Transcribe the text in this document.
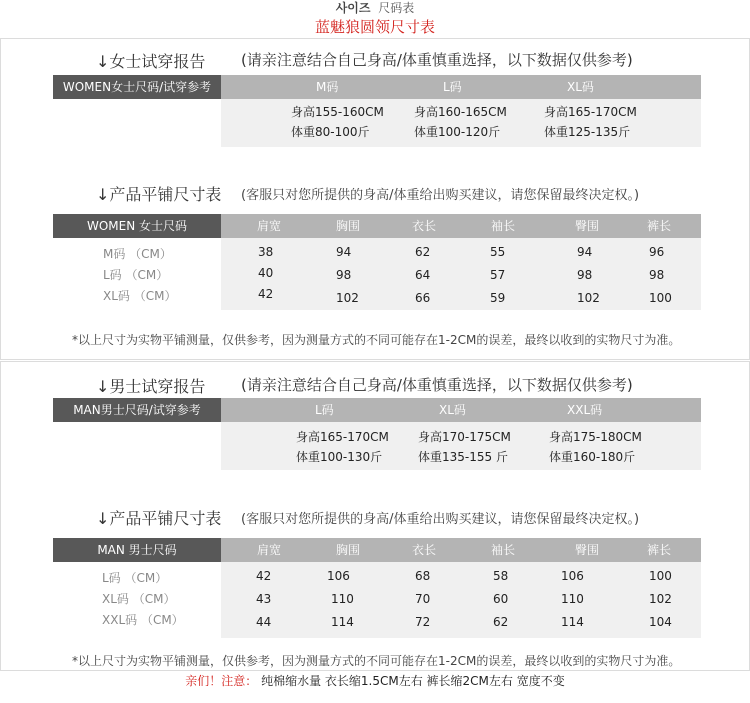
사이즈 尺码表
蓝魅狼圆领尺寸表
↓女士试穿报告 (请亲注意结合自己身高/体重慎重选择，以下数据仅供参考)
WOMEN女士尺码/试穿参考	M码	L码	XL码
身高155-160CM
体重80-100斤
身高160-165CM
体重100-120斤
身高165-170CM
体重125-135斤
↓产品平铺尺寸表 (客服只对您所提供的身高/体重给出购买建议，请您保留最终决定权。)
WOMEN 女士尺码	肩宽	胸围	衣长	袖长	臀围	裤长
M码 （CM）	38	94	62	55	94	96
L码 （CM）	40	98	64	57	98	98
XL码 （CM）	42	102	66	59	102	100
*以上尺寸为实物平铺测量，仅供参考，因为测量方式的不同可能存在1-2CM的误差，最终以收到的实物尺寸为准。
↓男士试穿报告 (请亲注意结合自己身高/体重慎重选择，以下数据仅供参考)
MAN男士尺码/试穿参考	L码	XL码	XXL码
身高165-170CM
体重100-130斤
身高170-175CM
体重135-155 斤
身高175-180CM
体重160-180斤
↓产品平铺尺寸表 (客服只对您所提供的身高/体重给出购买建议，请您保留最终决定权。)
MAN 男士尺码	肩宽	胸围	衣长	袖长	臀围	裤长
L码 （CM）	42	106	68	58	106	100
XL码 （CM）	43	110	70	60	110	102
XXL码 （CM）	44	114	72	62	114	104
*以上尺寸为实物平铺测量，仅供参考，因为测量方式的不同可能存在1-2CM的误差，最终以收到的实物尺寸为准。
亲们！注意： 纯棉缩水量 衣长缩1.5CM左右 裤长缩2CM左右 宽度不变
